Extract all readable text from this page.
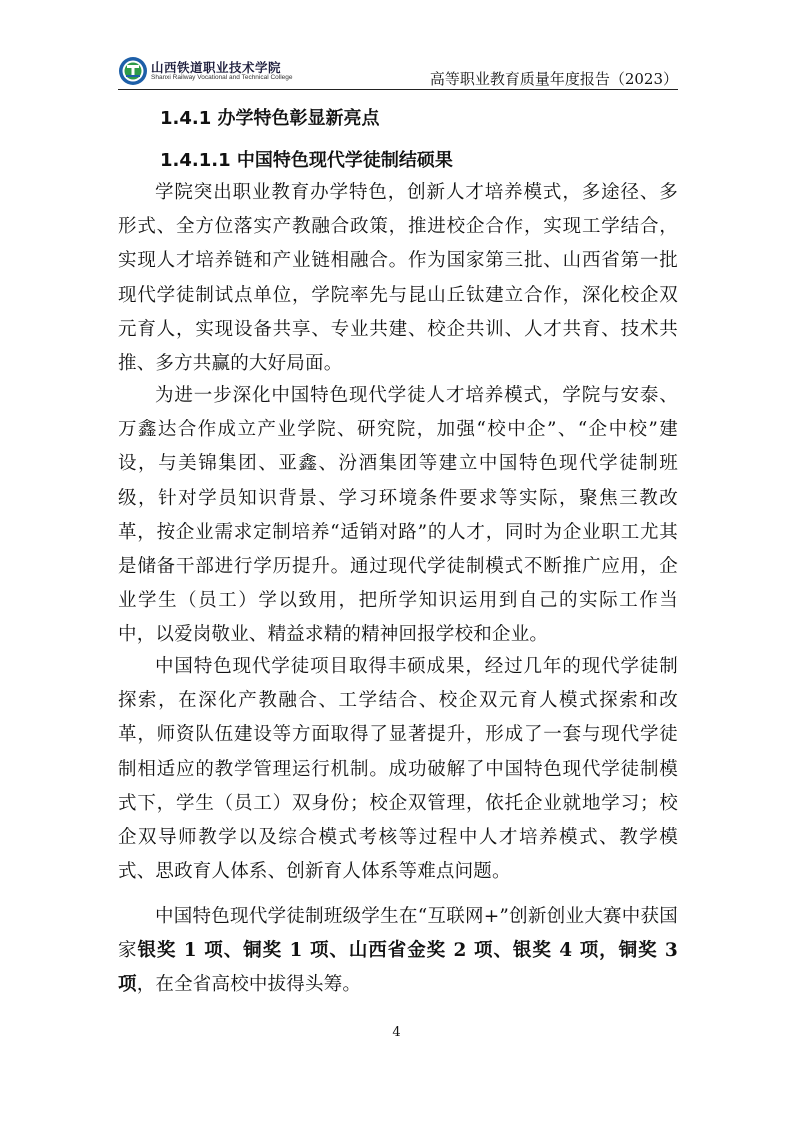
山西铁道职业技术学院
Shanxi Railway Vocational and Technical College	高等职业教育质量年度报告（2023）
1.4.1 办学特色彰显新亮点
1.4.1.1 中国特色现代学徒制结硕果
学院突出职业教育办学特色，创新人才培养模式，多途径、多形式、全方位落实产教融合政策，推进校企合作，实现工学结合，实现人才培养链和产业链相融合。作为国家第三批、山西省第一批现代学徒制试点单位，学院率先与昆山丘钛建立合作，深化校企双元育人，实现设备共享、专业共建、校企共训、人才共育、技术共推、多方共赢的大好局面。
为进一步深化中国特色现代学徒人才培养模式，学院与安泰、万鑫达合作成立产业学院、研究院，加强“校中企”、“企中校”建设，与美锦集团、亚鑫、汾酒集团等建立中国特色现代学徒制班级，针对学员知识背景、学习环境条件要求等实际，聚焦三教改革，按企业需求定制培养“适销对路”的人才，同时为企业职工尤其是储备干部进行学历提升。通过现代学徒制模式不断推广应用，企业学生（员工）学以致用，把所学知识运用到自己的实际工作当中，以爱岗敬业、精益求精的精神回报学校和企业。
中国特色现代学徒项目取得丰硕成果，经过几年的现代学徒制探索，在深化产教融合、工学结合、校企双元育人模式探索和改革，师资队伍建设等方面取得了显著提升，形成了一套与现代学徒制相适应的教学管理运行机制。成功破解了中国特色现代学徒制模式下，学生（员工）双身份；校企双管理，依托企业就地学习；校企双导师教学以及综合模式考核等过程中人才培养模式、教学模式、思政育人体系、创新育人体系等难点问题。
中国特色现代学徒制班级学生在“互联网+”创新创业大赛中获国家银奖 1 项、铜奖 1 项、山西省金奖 2 项、银奖 4 项，铜奖 3 项，在全省高校中拔得头筹。
4
